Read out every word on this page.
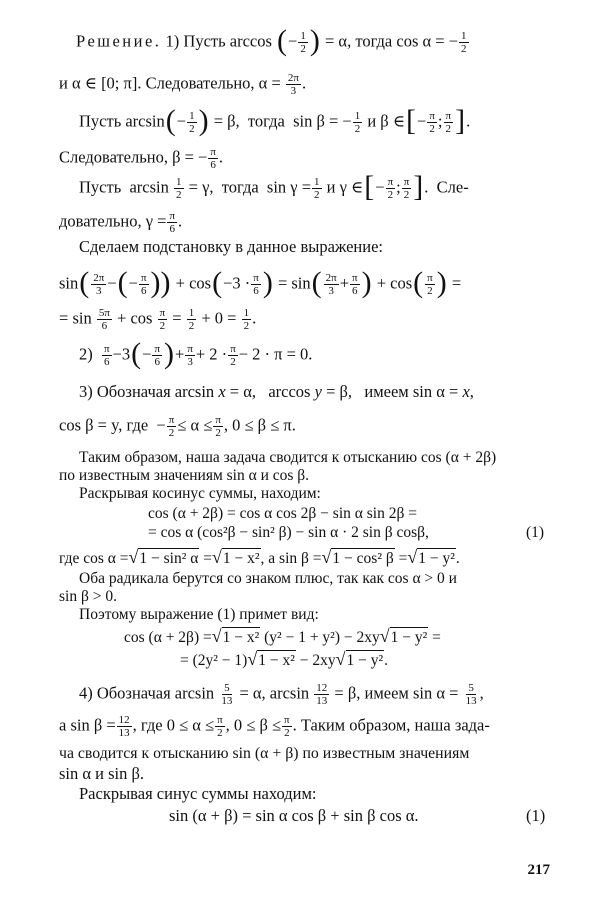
Решение. 1) Пусть arccos (− $\frac{1}{2}$ ) = α, тогда cos α = − $\frac{1}{2}$
и α ∈ [0; π]. Следовательно, $\alpha = \frac{2\pi}{3}$ .
Пусть $\arcsin(- \frac{1}{2}$ ) = β, тогда sin β = − $\frac{1}{2}$ и β ∈[− $\frac{\pi}{2}$ ; $\frac{\pi}{2}$ ].
Следовательно, β = − $\frac{\pi}{6}$ .
Пусть $\arcsin \frac{1}{2} = \gamma$, тогда $\sin \gamma = \frac{1}{2}$ и γ ∈[− $\frac{\pi}{2}$ ; $\frac{\pi}{2}$ ].  Сле-
довательно, $\gamma = \frac{\pi}{6}$ .
Сделаем подстановку в данное выражение:
$\sin( \frac{2\pi}{3}$ −(− $\frac{\pi}{6}$ )) + $\cos(-3 \cdot \frac{\pi}{6}$ ) = $\sin( \frac{2\pi}{3} + \frac{\pi}{6}$ ) + $\cos( \frac{\pi}{2}$ ) =
= $\sin \frac{5\pi}{6} + \cos \frac{\pi}{2} = \frac{1}{2} + 0 = \frac{1}{2}$ .
$2) \frac{\pi}{6} -3(- \frac{\pi}{6}$ )+ $\frac{\pi}{3} + 2 \cdot \frac{\pi}{2} - 2 \cdot \pi = 0$.
3) Обозначая arcsin x = α,   arccos y = β,   имеем sin α = x,
cos β = y, где  − $\frac{\pi}{2} \le \alpha \le \frac{\pi}{2}$ , 0 ≤ β ≤ π.
Таким образом, наша задача сводится к отысканию cos (α + 2β)
по известным значениям sin α и cos β.
Раскрывая косинус суммы, находим:
cos (α + 2β) = cos α cos 2β − sin α sin 2β =
= cos α (cos²β − sin² β) − sin α · 2 sin β cosβ,	(1)
где cos α =√1 − sin² α =√1 − x², а sin β =√1 − cos² β =√1 − y².
Оба радикала берутся со знаком плюс, так как cos α > 0 и
sin β > 0.
Поэтому выражение (1) примет вид:
cos (α + 2β) =√1 − x² (y² − 1 + y²) − 2xy√1 − y² =
= (2y² − 1)√1 − x² − 2xy√1 − y².
4) Обозначая $\arcsin \frac{5}{13} = \alpha$, $\arcsin \frac{12}{13} = \beta$, имеем $\sin \alpha = \frac{5}{13}$ ,
a $\sin \beta = \frac{12}{13}$ , где $0 \le \alpha \le \frac{\pi}{2}$ , $0 \le \beta \le \frac{\pi}{2}$ . Таким образом, наша зада-
ча сводится к отысканию sin (α + β) по известным значениям
sin α и sin β.
Раскрывая синус суммы находим:
sin (α + β) = sin α cos β + sin β cos α.	(1)
217
